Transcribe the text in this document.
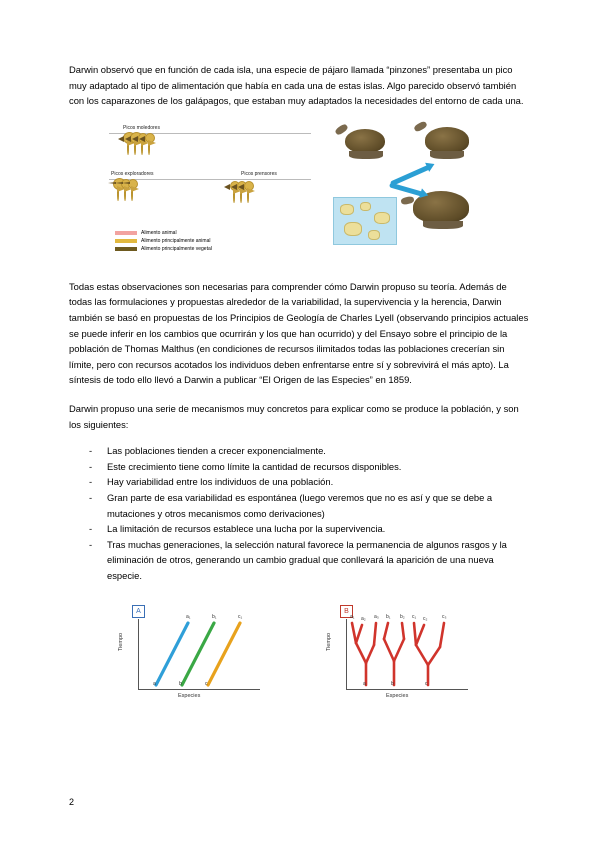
Darwin observó que en función de cada isla, una especie de pájaro llamada “pinzones” presentaba un pico muy adaptado al tipo de alimentación que había en cada una de estas islas. Algo parecido observó también con los caparazones de los galápagos, que estaban muy adaptados la necesidades del entorno de cada una.

Picos moledores
Picos exploradores	Picos prensores
Alimento animal
Alimento principalmente animal
Alimento principalmente vegetal

Todas estas observaciones son necesarias para comprender cómo Darwin propuso su teoría. Además de todas las formulaciones y propuestas alrededor de la variabilidad, la supervivencia y la herencia, Darwin también se basó en propuestas de los Principios de Geología de Charles Lyell (observando principios actuales se puede inferir en los cambios que ocurrirán y los que han ocurrido) y del Ensayo sobre el principio de la población de Thomas Malthus (en condiciones de recursos ilimitados todas las poblaciones crecerían sin límite, pero con recursos acotados los individuos deben enfrentarse entre sí y sobrevivirá el más apto). La síntesis de todo ello llevó a Darwin a publicar “El Origen de las Especies” en 1859.

Darwin propuso una serie de mecanismos muy concretos para explicar como se produce la población, y son los siguientes:

- Las poblaciones tienden a crecer exponencialmente.
- Este crecimiento tiene como límite la cantidad de recursos disponibles.
- Hay variabilidad entre los individuos de una población.
- Gran parte de esa variabilidad es espontánea (luego veremos que no es así y que se debe a mutaciones y otros mecanismos como derivaciones)
- La limitación de recursos establece una lucha por la supervivencia.
- Tras muchas generaciones, la selección natural favorece la permanencia de algunos rasgos y la eliminación de otros, generando un cambio gradual que conllevará la aparición de una nueva especie.
A
Tiempo
Especies
a₁	b₁	c₁
a	b	c
B
Tiempo
Especies
a₁ a₂ a₃ b₁ b₂ c₁ c₂	c₃
a	b	c
2
